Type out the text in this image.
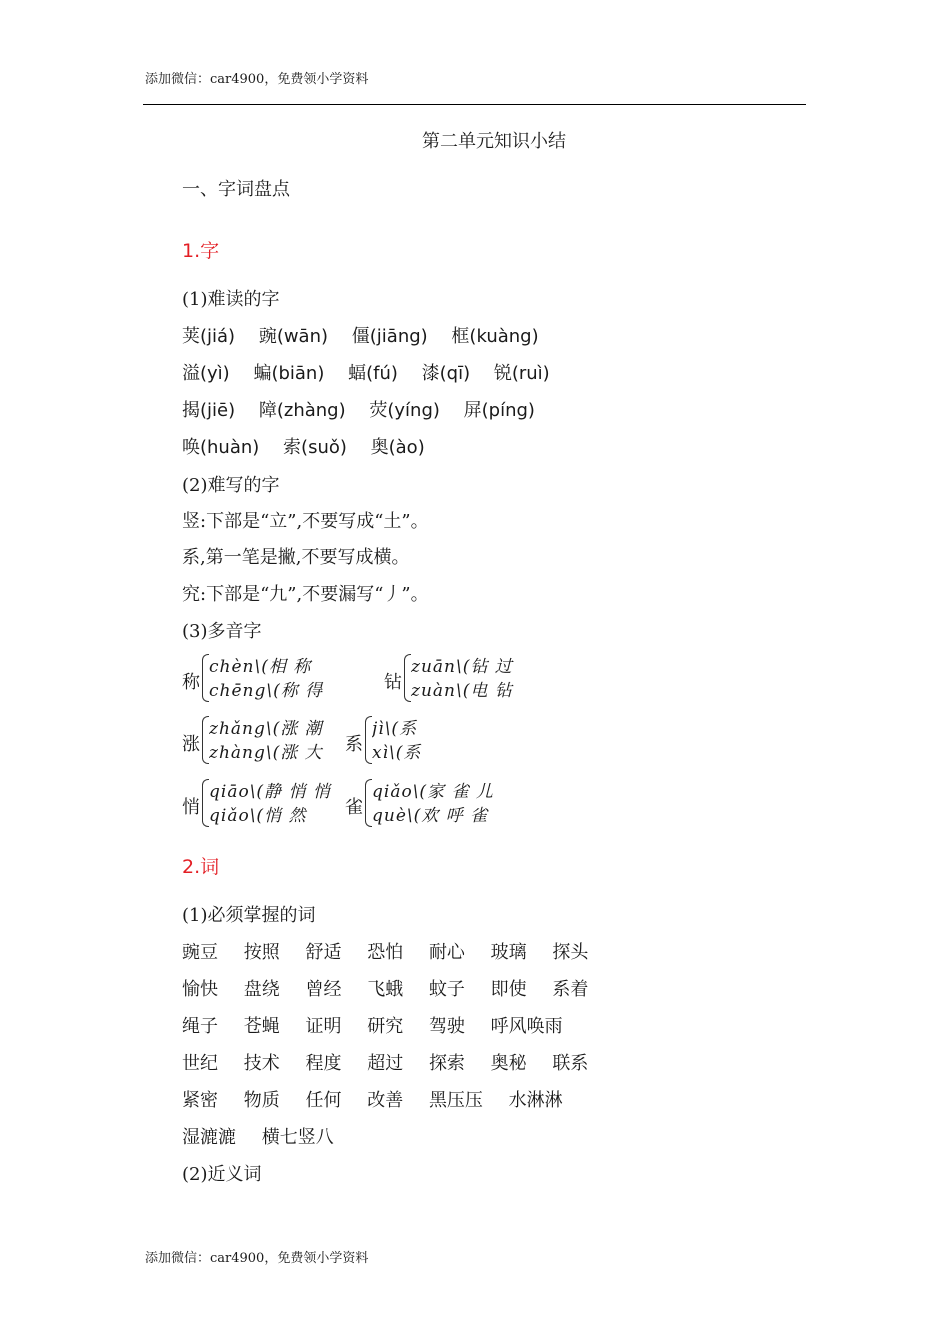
添加微信：car4900，免费领小学资料
第二单元知识小结
一、字词盘点
1.字
(1)难读的字
荚(jiá) 豌(wān) 僵(jiāng) 框(kuàng)
溢(yì) 蝙(biān) 蝠(fú) 漆(qī) 锐(ruì)
揭(jiē) 障(zhàng) 荧(yíng) 屏(píng)
唤(huàn) 索(suǒ) 奥(ào)
(2)难写的字
竖:下部是“立”,不要写成“土”。
系,第一笔是撇,不要写成横。
究:下部是“九”,不要漏写“丿”。
(3)多音字
称
chèn\(相 称
chēng\(称 得	钻
zuān\(钻 过
zuàn\(电 钻
涨
zhǎng\(涨 潮
zhàng\(涨 大	系
jì\(系
xì\(系
悄
qiāo\(静 悄 悄
qiǎo\(悄 然	雀
qiǎo\(家 雀 儿
què\(欢 呼 雀
2.词
(1)必须掌握的词
豌豆 按照 舒适 恐怕 耐心 玻璃 探头
愉快 盘绕 曾经 飞蛾 蚊子 即使 系着
绳子 苍蝇 证明 研究 驾驶 呼风唤雨
世纪 技术 程度 超过 探索 奥秘 联系
紧密 物质 任何 改善 黑压压 水淋淋
湿漉漉 横七竖八
(2)近义词
添加微信：car4900，免费领小学资料
